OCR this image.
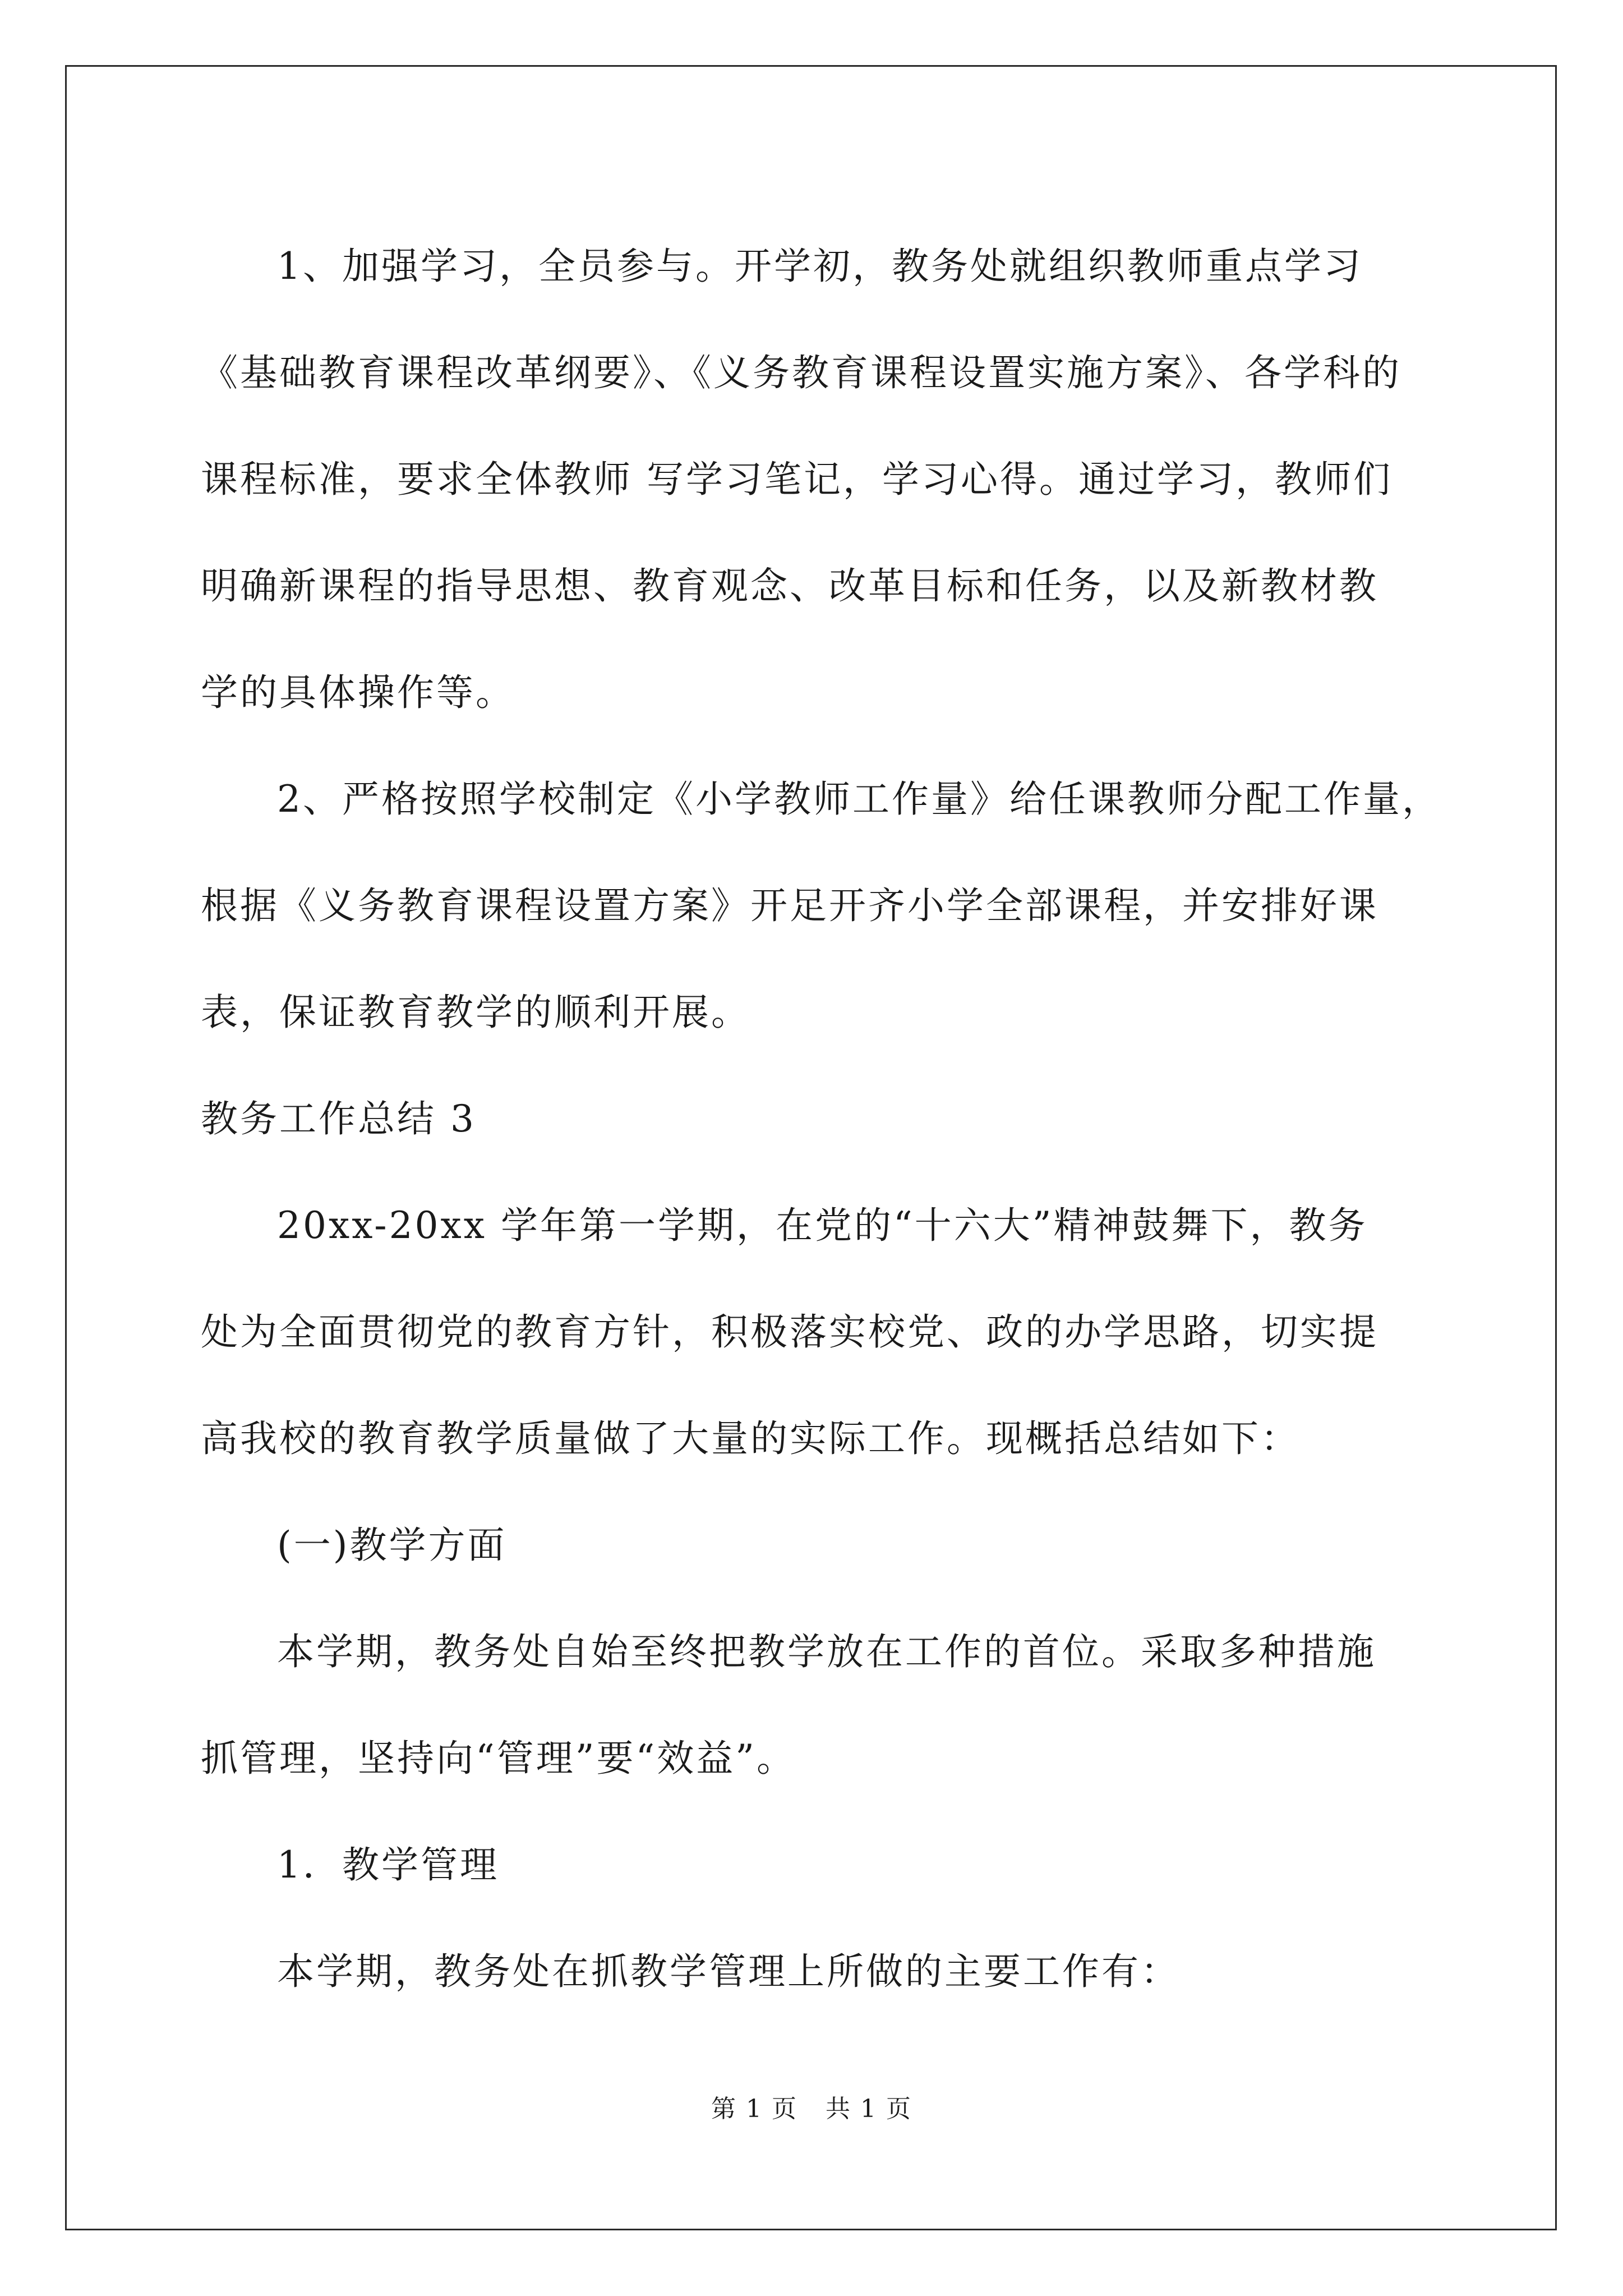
1、加强学习，全员参与。开学初，教务处就组织教师重点学习

《基础教育课程改革纲要》、《义务教育课程设置实施方案》、各学科的

课程标准，要求全体教师 写学习笔记，学习心得。通过学习，教师们

明确新课程的指导思想、教育观念、改革目标和任务，以及新教材教

学的具体操作等。

2、严格按照学校制定《小学教师工作量》给任课教师分配工作量，

根据《义务教育课程设置方案》开足开齐小学全部课程，并安排好课

表，保证教育教学的顺利开展。

教务工作总结 3

20xx-20xx 学年第一学期，在党的“十六大”精神鼓舞下，教务

处为全面贯彻党的教育方针，积极落实校党、政的办学思路，切实提

高我校的教育教学质量做了大量的实际工作。现概括总结如下：

(一)教学方面

本学期，教务处自始至终把教学放在工作的首位。采取多种措施

抓管理，坚持向“管理”要“效益”。

1．教学管理

本学期，教务处在抓教学管理上所做的主要工作有：

第 1 页 共 1 页
